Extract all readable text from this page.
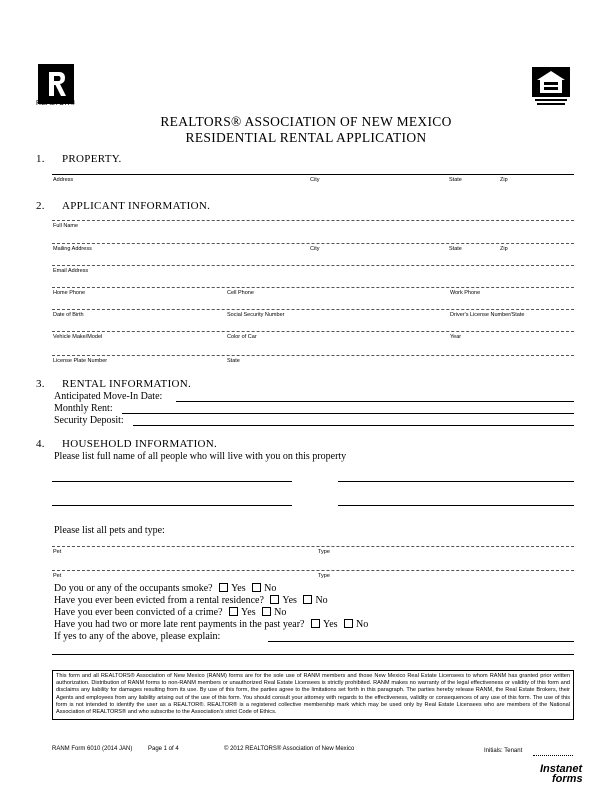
REALTOR®
REALTORS® ASSOCIATION OF NEW MEXICO
RESIDENTIAL RENTAL APPLICATION
1. PROPERTY.
Address	City	State	Zip
2. APPLICANT INFORMATION.
Full Name
Mailing Address	City	State	Zip
Email Address
Home Phone	Cell Phone	Work Phone
Date of Birth	Social Security Number	Driver's License Number/State
Vehicle Make/Model	Color of Car	Year
License Plate Number	State
3. RENTAL INFORMATION.
Anticipated Move-In Date:
Monthly Rent:
Security Deposit:
4. HOUSEHOLD INFORMATION.
Please list full name of all people who will live with you on this property
Please list all pets and type:
Pet	Type
Pet	Type
Do you or any of the occupants smoke? Yes No
Have you ever been evicted from a rental residence? Yes No
Have you ever been convicted of a crime? Yes No
Have you had two or more late rent payments in the past year? Yes No
If yes to any of the above, please explain:
This form and all REALTORS® Association of New Mexico (RANM) forms are for the sole use of RANM members and those New Mexico Real Estate Licensees to whom RANM has granted prior written authorization. Distribution of RANM forms to non-RANM members or unauthorized Real Estate Licensees is strictly prohibited. RANM makes no warranty of the legal effectiveness or validity of this form and disclaims any liability for damages resulting from its use. By use of this form, the parties agree to the limitations set forth in this paragraph. The parties hereby release RANM, the Real Estate Brokers, their Agents and employees from any liability arising out of the use of this form. You should consult your attorney with regards to the effectiveness, validity or consequences of any use of this form. The use of this form is not intended to identify the user as a REALTOR®. REALTOR® is a registered collective membership mark which may be used only by Real Estate Licensees who are members of the National Association of REALTORS® and who subscribe to the Association's strict Code of Ethics.
RANM Form 6010 (2014 JAN)	Page 1 of 4	© 2012 REALTORS® Association of New Mexico	Initials: Tenant
Instanet
forms
